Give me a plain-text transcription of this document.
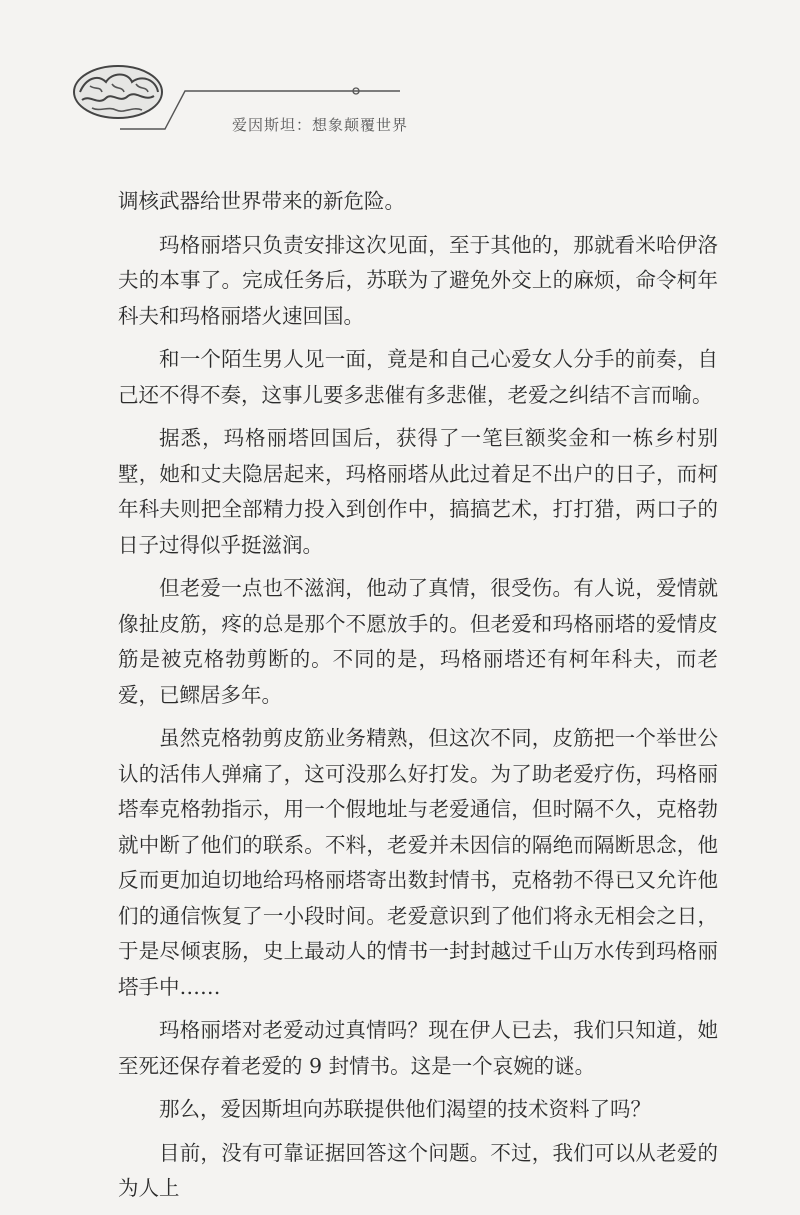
爱因斯坦：想象颠覆世界

调核武器给世界带来的新危险。

玛格丽塔只负责安排这次见面，至于其他的，那就看米哈伊洛夫的本事了。完成任务后，苏联为了避免外交上的麻烦，命令柯年科夫和玛格丽塔火速回国。

和一个陌生男人见一面，竟是和自己心爱女人分手的前奏，自己还不得不奏，这事儿要多悲催有多悲催，老爱之纠结不言而喻。

据悉，玛格丽塔回国后，获得了一笔巨额奖金和一栋乡村别墅，她和丈夫隐居起来，玛格丽塔从此过着足不出户的日子，而柯年科夫则把全部精力投入到创作中，搞搞艺术，打打猎，两口子的日子过得似乎挺滋润。

但老爱一点也不滋润，他动了真情，很受伤。有人说，爱情就像扯皮筋，疼的总是那个不愿放手的。但老爱和玛格丽塔的爱情皮筋是被克格勃剪断的。不同的是，玛格丽塔还有柯年科夫，而老爱，已鳏居多年。

虽然克格勃剪皮筋业务精熟，但这次不同，皮筋把一个举世公认的活伟人弹痛了，这可没那么好打发。为了助老爱疗伤，玛格丽塔奉克格勃指示，用一个假地址与老爱通信，但时隔不久，克格勃就中断了他们的联系。不料，老爱并未因信的隔绝而隔断思念，他反而更加迫切地给玛格丽塔寄出数封情书，克格勃不得已又允许他们的通信恢复了一小段时间。老爱意识到了他们将永无相会之日，于是尽倾衷肠，史上最动人的情书一封封越过千山万水传到玛格丽塔手中……

玛格丽塔对老爱动过真情吗？现在伊人已去，我们只知道，她至死还保存着老爱的 9 封情书。这是一个哀婉的谜。

那么，爱因斯坦向苏联提供他们渴望的技术资料了吗？

目前，没有可靠证据回答这个问题。不过，我们可以从老爱的为人上
